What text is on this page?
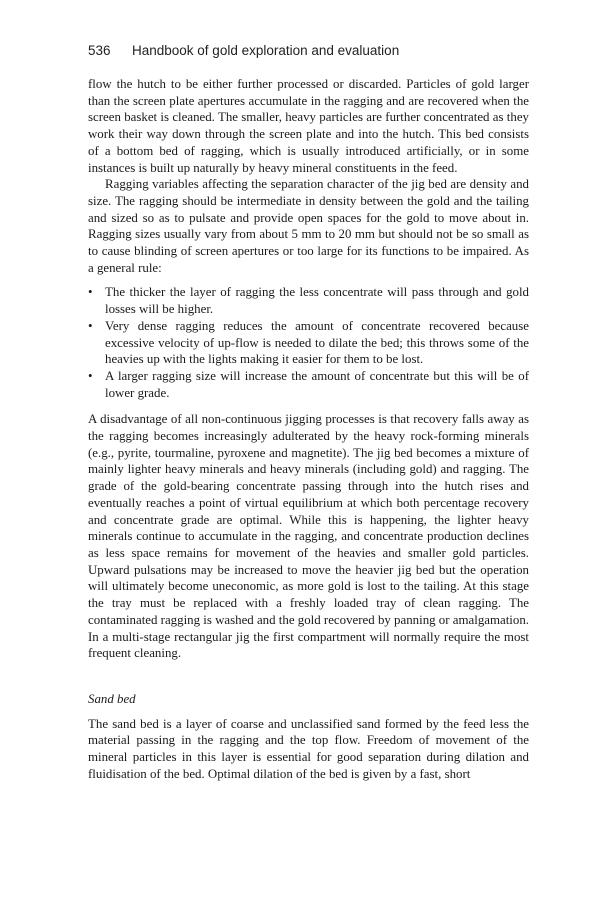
536 Handbook of gold exploration and evaluation

flow the hutch to be either further processed or discarded. Particles of gold larger than the screen plate apertures accumulate in the ragging and are recovered when the screen basket is cleaned. The smaller, heavy particles are further concentrated as they work their way down through the screen plate and into the hutch. This bed consists of a bottom bed of ragging, which is usually introduced artificially, or in some instances is built up naturally by heavy mineral constituents in the feed.

Ragging variables affecting the separation character of the jig bed are density and size. The ragging should be intermediate in density between the gold and the tailing and sized so as to pulsate and provide open spaces for the gold to move about in. Ragging sizes usually vary from about 5 mm to 20 mm but should not be so small as to cause blinding of screen apertures or too large for its functions to be impaired. As a general rule:

• The thicker the layer of ragging the less concentrate will pass through and gold losses will be higher.
• Very dense ragging reduces the amount of concentrate recovered because excessive velocity of up-flow is needed to dilate the bed; this throws some of the heavies up with the lights making it easier for them to be lost.
• A larger ragging size will increase the amount of concentrate but this will be of lower grade.

A disadvantage of all non-continuous jigging processes is that recovery falls away as the ragging becomes increasingly adulterated by the heavy rock-forming minerals (e.g., pyrite, tourmaline, pyroxene and magnetite). The jig bed becomes a mixture of mainly lighter heavy minerals and heavy minerals (including gold) and ragging. The grade of the gold-bearing concentrate passing through into the hutch rises and eventually reaches a point of virtual equilibrium at which both percentage recovery and concentrate grade are optimal. While this is happening, the lighter heavy minerals continue to accumulate in the ragging, and concentrate production declines as less space remains for movement of the heavies and smaller gold particles. Upward pulsations may be increased to move the heavier jig bed but the operation will ultimately become uneconomic, as more gold is lost to the tailing. At this stage the tray must be replaced with a freshly loaded tray of clean ragging. The contaminated ragging is washed and the gold recovered by panning or amalgamation. In a multi-stage rectangular jig the first compartment will normally require the most frequent cleaning.

Sand bed

The sand bed is a layer of coarse and unclassified sand formed by the feed less the material passing in the ragging and the top flow. Freedom of movement of the mineral particles in this layer is essential for good separation during dilation and fluidisation of the bed. Optimal dilation of the bed is given by a fast, short
